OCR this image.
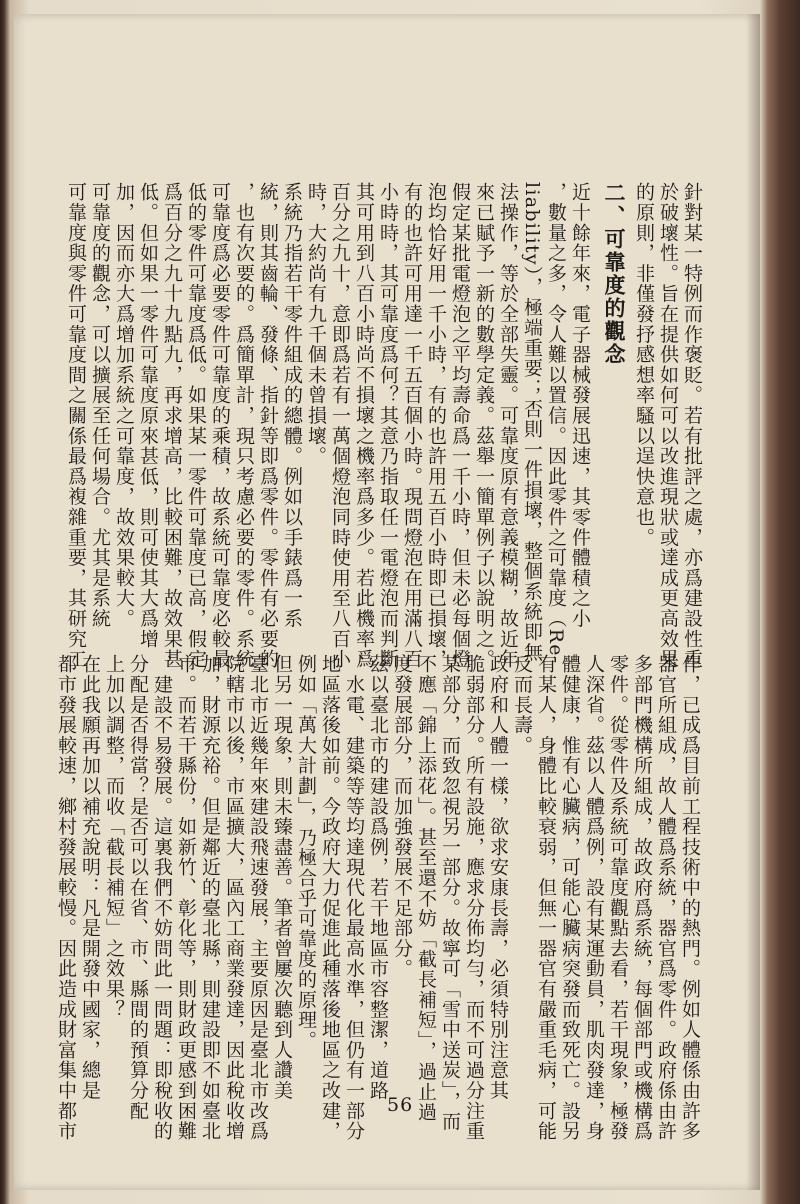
針對某一特例而作褒貶。若有批評之處，亦爲建設性重

於破壞性。旨在提供如何可以改進現狀或達成更高效果

的原則，非僅發抒感想率騷以逞快意也。

二、可靠度的觀念

近十餘年來，電子器械發展迅速，其零件體積之小

，數量之多，令人難以置信。因此零件之可靠度（Re-

liability），極端重要；否則一件損壞，整個系統即無

法操作，等於全部失靈。可靠度原有意義模糊，故近年

來已賦予一新的數學定義。茲舉一簡單例子以說明之。

假定某批電燈泡之平均壽命爲一千小時，但未必每個燈

泡均恰好用一千小時，有的也許用五百小時即已損壞，

有的也許可用達一千五百個小時。現問燈泡在用滿八百

小時時，其可靠度爲何？其意乃指取任一電燈泡而判斷

其可用到八百小時尚不損壞之機率爲多少。若此機率爲

百分之九十，意即爲若有一萬個燈泡同時使用至八百小

時，大約尚有九千個未曾損壞。

系統乃指若干零件組成的總體。例如以手錶爲一系

統，則其齒輪、發條、指針等即爲零件。零件有必要的

，也有次要的。爲簡單計，現只考慮必要的零件。系統

可靠度爲必要零件可靠度的乘積，故系統可靠度必較最

低的零件可靠度爲低。如果某一零件可靠度已高，假定

爲百分之九十九點九，再求增高，比較困難，故效果甚

低。但如果一零件可靠度原來甚低，則可使其大爲增

加，因而亦大爲增加系統之可靠度，故效果較大。

可靠度的觀念，可以擴展至任何場合。尤其是系統

可靠度與零件可靠度間之關係最爲複雜重要，其研究工

作，已成爲目前工程技術中的熱門。例如人體係由許多

器官所組成，故人體爲系統，器官爲零件。政府係由許

多部門機構所組成，故政府爲系統，每個部門或機構爲

零件。從零件及系統可靠度觀點去看，若干現象，極發

人深省。茲以人體爲例，設有某運動員，肌肉發達，身

體健康，惟有心臟病，可能心臟病突發而致死亡。設另

有某人，身體比較衰弱，但無一器官有嚴重毛病，可能

反而長壽。

政府和人體一樣，欲求安康長壽，必須特別注意其

脆弱部分。所有設施，應求分佈均勻，而不可過分注重

某部分，而致忽視另一部分。故寧可「雪中送炭」，而

不應「錦上添花」。甚至還不妨「截長補短」，過止過

度發展部分，而加強發展不足部分。

茲以臺北市的建設爲例，若干地區市容整潔，道路

、水電、建築等等均達現代化最高水準，但仍有一部分

地區落後如前。今政府大力促進此種落後地區之改建，

例如「萬大計劃」，乃極合乎可靠度的原理。

但另一現象，則未臻盡善。筆者曾屢次聽到人讚美

臺北市近幾年來建設飛速發展，主要原因是臺北市改爲

院轄市以後，市區擴大，區內工商業發達，因此稅收增

加，財源充裕。但是鄰近的臺北縣，則建設即不如臺北

市。而若干縣份，如新竹、彰化等，則財政更感到困難

，建設不易發展。這裏我們不妨問此一問題：即稅收的

分配是否得當？是否可以在省、市、縣間的預算分配

上加以調整，而收「截長補短」之效果？

在此我願再加以補充說明：凡是開發中國家，總是

都市發展較速，鄉村發展較慢。因此造成財富集中都市	56
